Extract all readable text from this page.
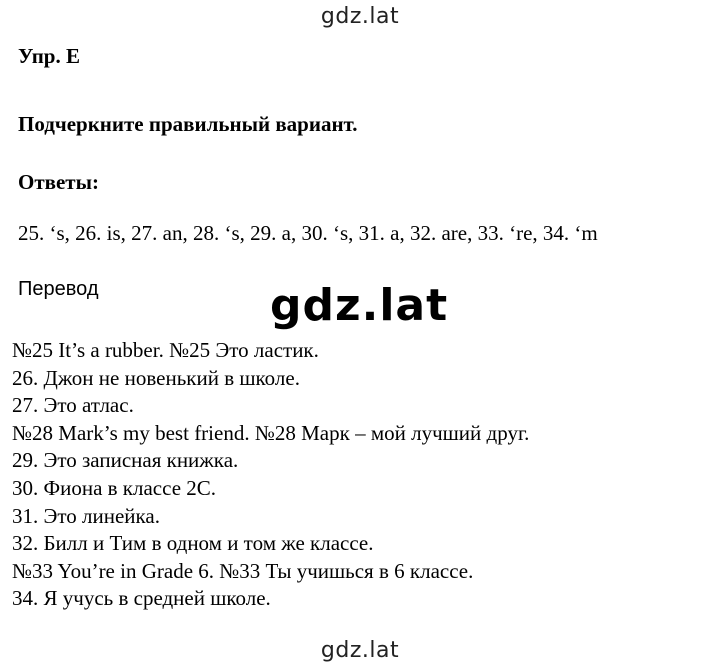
gdz.lat
Упр. E
Подчеркните правильный вариант.
Ответы:
25. ‘s, 26. is, 27. an, 28. ‘s, 29. a, 30. ‘s, 31. a, 32. are, 33. ‘re, 34. ‘m
Перевод	gdz.lat
№25 It’s a rubber. №25 Это ластик.
26. Джон не новенький в школе.
27. Это атлас.
№28 Mark’s my best friend. №28 Марк – мой лучший друг.
29. Это записная книжка.
30. Фиона в классе 2С.
31. Это линейка.
32. Билл и Тим в одном и том же классе.
№33 You’re in Grade 6. №33 Ты учишься в 6 классе.
34. Я учусь в средней школе.
gdz.lat
